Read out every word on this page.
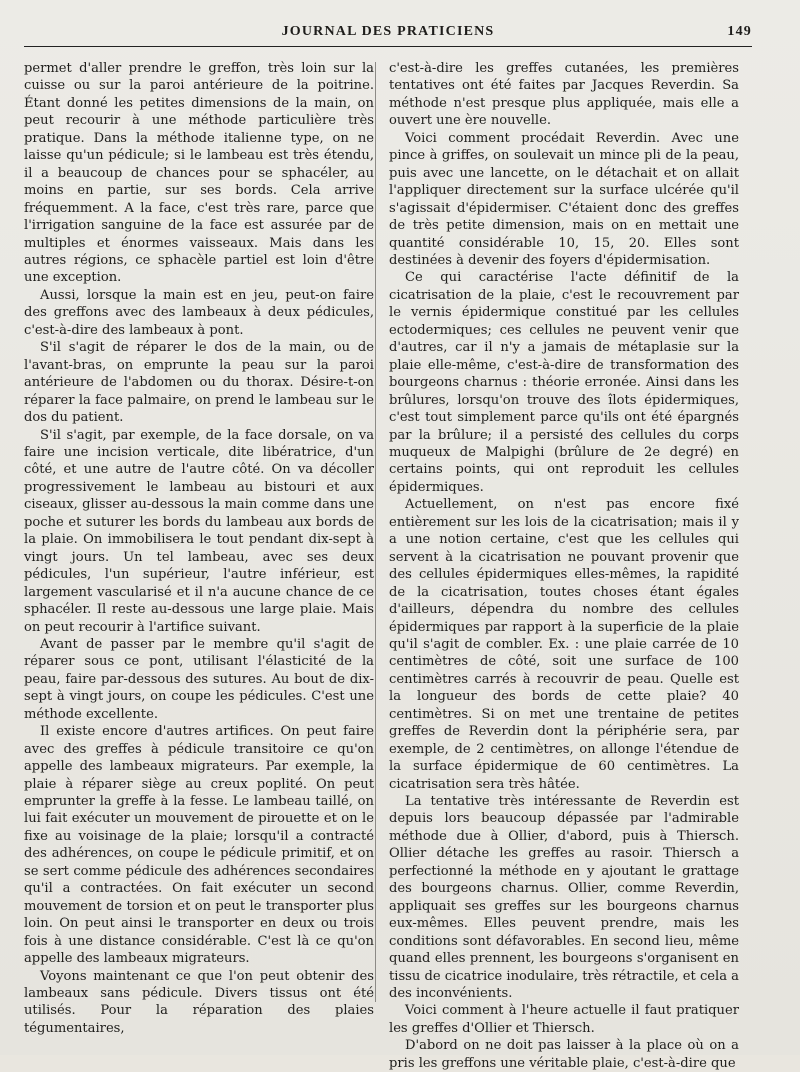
JOURNAL DES PRATICIENS	149

permet d'aller prendre le greffon, très loin sur la cuisse ou sur la paroi antérieure de la poitrine. Étant donné les petites dimensions de la main, on peut recourir à une méthode particulière très pratique. Dans la méthode italienne type, on ne laisse qu'un pédicule; si le lambeau est très étendu, il a beaucoup de chances pour se sphacéler, au moins en partie, sur ses bords. Cela arrive fréquemment. A la face, c'est très rare, parce que l'irrigation sanguine de la face est assurée par de multiples et énormes vaisseaux. Mais dans les autres régions, ce sphacèle partiel est loin d'être une exception.

Aussi, lorsque la main est en jeu, peut-on faire des greffons avec des lambeaux à deux pédicules, c'est-à-dire des lambeaux à pont.

S'il s'agit de réparer le dos de la main, ou de l'avant-bras, on emprunte la peau sur la paroi antérieure de l'abdomen ou du thorax. Désire-t-on réparer la face palmaire, on prend le lambeau sur le dos du patient.

S'il s'agit, par exemple, de la face dorsale, on va faire une incision verticale, dite libératrice, d'un côté, et une autre de l'autre côté. On va décoller progressivement le lambeau au bistouri et aux ciseaux, glisser au-dessous la main comme dans une poche et suturer les bords du lambeau aux bords de la plaie. On immobilisera le tout pendant dix-sept à vingt jours. Un tel lambeau, avec ses deux pédicules, l'un supérieur, l'autre inférieur, est largement vascularisé et il n'a aucune chance de ce sphacéler. Il reste au-dessous une large plaie. Mais on peut recourir à l'artifice suivant.

Avant de passer par le membre qu'il s'agit de réparer sous ce pont, utilisant l'élasticité de la peau, faire par-dessous des sutures. Au bout de dix-sept à vingt jours, on coupe les pédicules. C'est une méthode excellente.

Il existe encore d'autres artifices. On peut faire avec des greffes à pédicule transitoire ce qu'on appelle des lambeaux migrateurs. Par exemple, la plaie à réparer siège au creux poplité. On peut emprunter la greffe à la fesse. Le lambeau taillé, on lui fait exécuter un mouvement de pirouette et on le fixe au voisinage de la plaie; lorsqu'il a contracté des adhérences, on coupe le pédicule primitif, et on se sert comme pédicule des adhérences secondaires qu'il a contractées. On fait exécuter un second mouvement de torsion et on peut le transporter plus loin. On peut ainsi le transporter en deux ou trois fois à une distance considérable. C'est là ce qu'on appelle des lambeaux migrateurs.

Voyons maintenant ce que l'on peut obtenir des lambeaux sans pédicule. Divers tissus ont été utilisés. Pour la réparation des plaies tégumentaires,

c'est-à-dire les greffes cutanées, les premières tentatives ont été faites par Jacques Reverdin. Sa méthode n'est presque plus appliquée, mais elle a ouvert une ère nouvelle.

Voici comment procédait Reverdin. Avec une pince à griffes, on soulevait un mince pli de la peau, puis avec une lancette, on le détachait et on allait l'appliquer directement sur la surface ulcérée qu'il s'agissait d'épidermiser. C'étaient donc des greffes de très petite dimension, mais on en mettait une quantité considérable 10, 15, 20. Elles sont destinées à devenir des foyers d'épidermisation.

Ce qui caractérise l'acte définitif de la cicatrisation de la plaie, c'est le recouvrement par le vernis épidermique constitué par les cellules ectodermiques; ces cellules ne peuvent venir que d'autres, car il n'y a jamais de métaplasie sur la plaie elle-même, c'est-à-dire de transformation des bourgeons charnus : théorie erronée. Ainsi dans les brûlures, lorsqu'on trouve des îlots épidermiques, c'est tout simplement parce qu'ils ont été épargnés par la brûlure; il a persisté des cellules du corps muqueux de Malpighi (brûlure de 2e degré) en certains points, qui ont reproduit les cellules épidermiques.

Actuellement, on n'est pas encore fixé entièrement sur les lois de la cicatrisation; mais il y a une notion certaine, c'est que les cellules qui servent à la cicatrisation ne pouvant provenir que des cellules épidermiques elles-mêmes, la rapidité de la cicatrisation, toutes choses étant égales d'ailleurs, dépendra du nombre des cellules épidermiques par rapport à la superficie de la plaie qu'il s'agit de combler. Ex. : une plaie carrée de 10 centimètres de côté, soit une surface de 100 centimètres carrés à recouvrir de peau. Quelle est la longueur des bords de cette plaie? 40 centimètres. Si on met une trentaine de petites greffes de Reverdin dont la périphérie sera, par exemple, de 2 centimètres, on allonge l'étendue de la surface épidermique de 60 centimètres. La cicatrisation sera très hâtée.

La tentative très intéressante de Reverdin est depuis lors beaucoup dépassée par l'admirable méthode due à Ollier, d'abord, puis à Thiersch. Ollier détache les greffes au rasoir. Thiersch a perfectionné la méthode en y ajoutant le grattage des bourgeons charnus. Ollier, comme Reverdin, appliquait ses greffes sur les bourgeons charnus eux-mêmes. Elles peuvent prendre, mais les conditions sont défavorables. En second lieu, même quand elles prennent, les bourgeons s'organisent en tissu de cicatrice inodulaire, très rétractile, et cela a des inconvénients.

Voici comment à l'heure actuelle il faut pratiquer les greffes d'Ollier et Thiersch.

D'abord on ne doit pas laisser à la place où on a pris les greffons une véritable plaie, c'est-à-dire que
